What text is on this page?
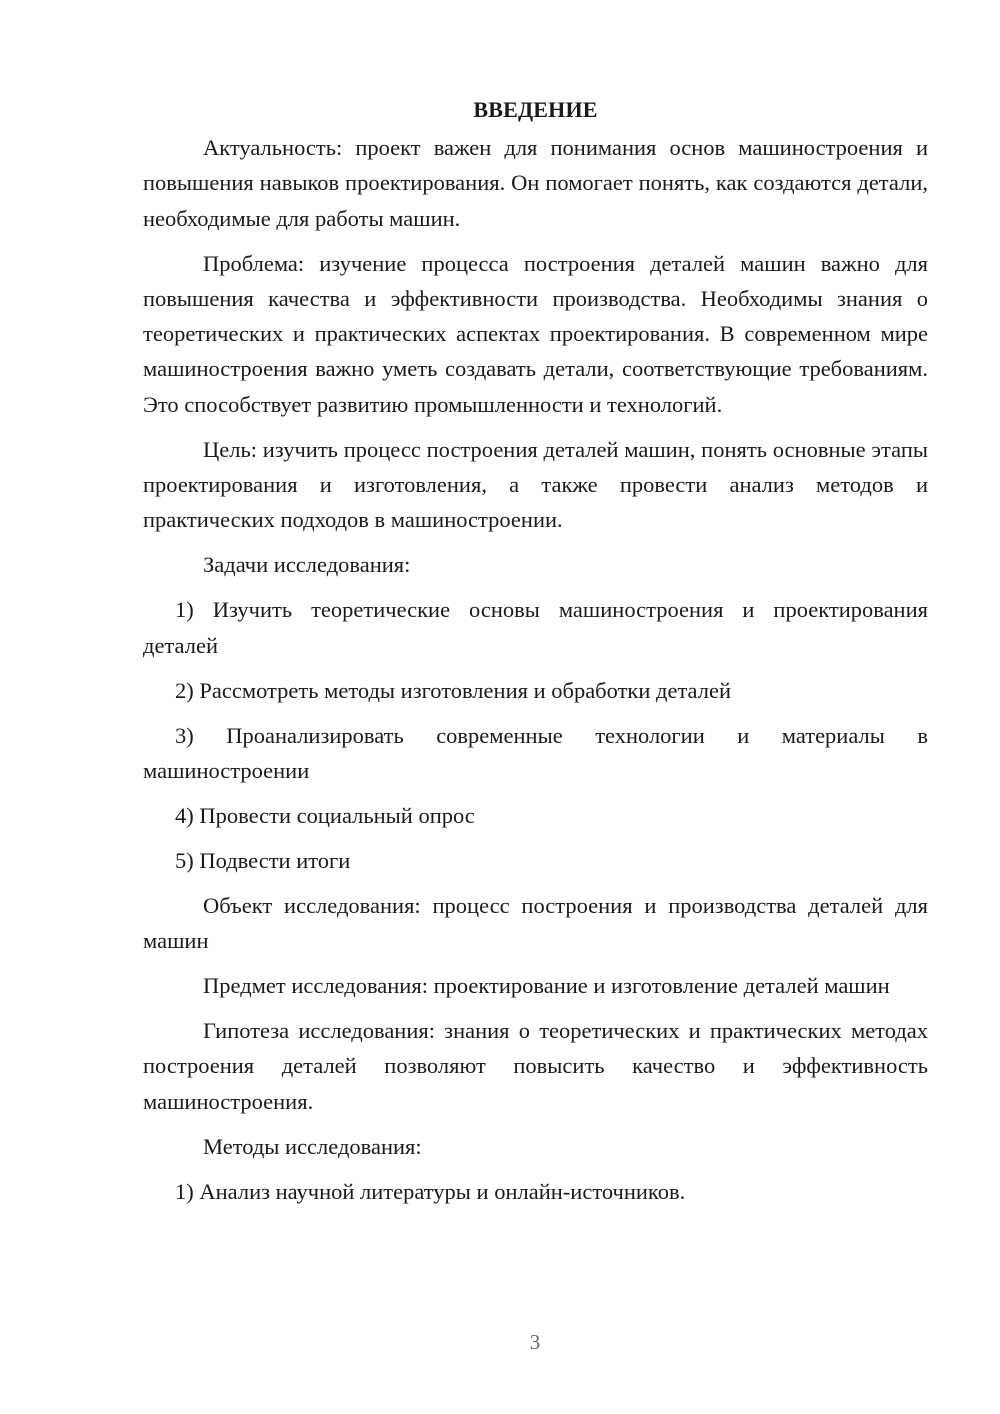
ВВЕДЕНИЕ

Актуальность: проект важен для понимания основ машиностроения и повышения навыков проектирования. Он помогает понять, как создаются детали, необходимые для работы машин.

Проблема: изучение процесса построения деталей машин важно для повышения качества и эффективности производства. Необходимы знания о теоретических и практических аспектах проектирования. В современном мире машиностроения важно уметь создавать детали, соответствующие требованиям. Это способствует развитию промышленности и технологий.

Цель: изучить процесс построения деталей машин, понять основные этапы проектирования и изготовления, а также провести анализ методов и практических подходов в машиностроении.

Задачи исследования:

1) Изучить теоретические основы машиностроения и проектирования деталей

2) Рассмотреть методы изготовления и обработки деталей

3) Проанализировать современные технологии и материалы в машиностроении

4) Провести социальный опрос

5) Подвести итоги

Объект исследования: процесс построения и производства деталей для машин

Предмет исследования: проектирование и изготовление деталей машин

Гипотеза исследования: знания о теоретических и практических методах построения деталей позволяют повысить качество и эффективность машиностроения.

Методы исследования:

1) Анализ научной литературы и онлайн-источников.

3
